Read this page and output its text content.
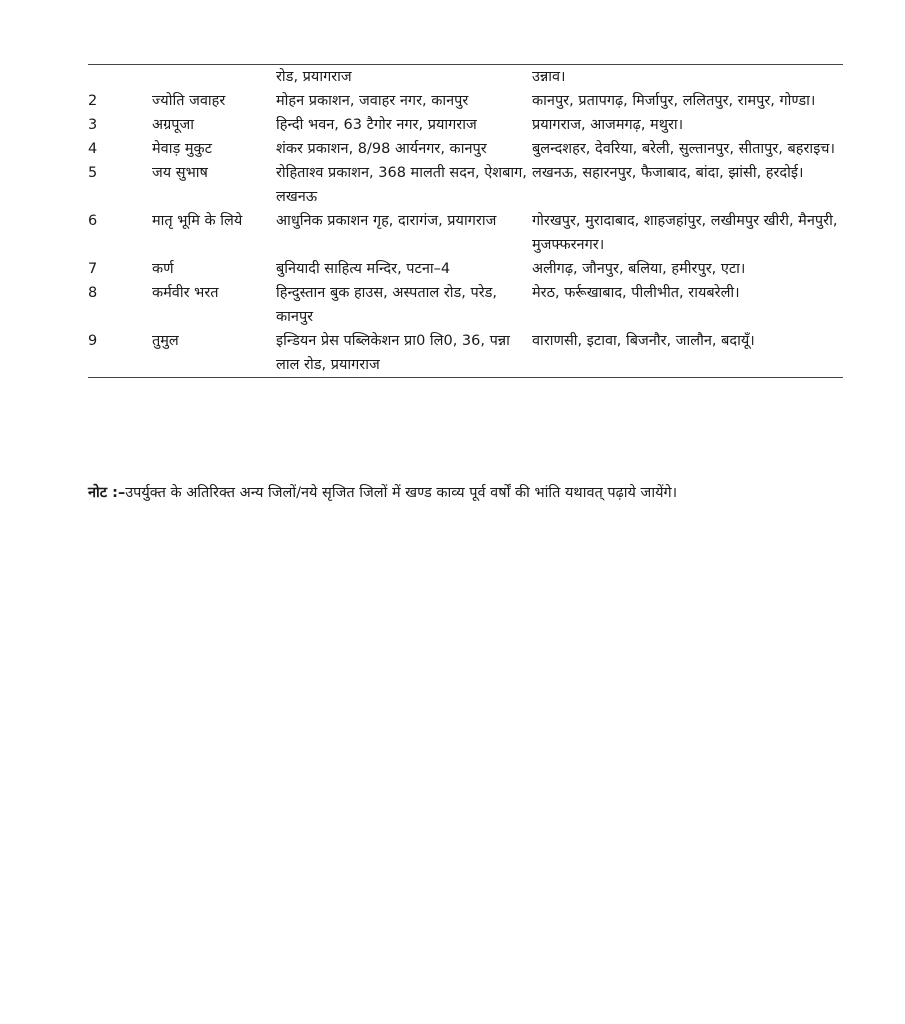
		रोड, प्रयागराज	उन्नाव।
2	ज्योति जवाहर	मोहन प्रकाशन, जवाहर नगर, कानपुर	कानपुर, प्रतापगढ़, मिर्जापुर, ललितपुर, रामपुर, गोण्डा।
3	अग्रपूजा	हिन्दी भवन, 63 टैगोर नगर, प्रयागराज	प्रयागराज, आजमगढ़, मथुरा।
4	मेवाड़ मुकुट	शंकर प्रकाशन, 8/98 आर्यनगर, कानपुर	बुलन्दशहर, देवरिया, बरेली, सुल्तानपुर, सीतापुर, बहराइच।
5	जय सुभाष	रोहिताश्व प्रकाशन, 368 मालती सदन, ऐशबाग, लखनऊ	लखनऊ, सहारनपुर, फैजाबाद, बांदा, झांसी, हरदोई।
6	मातृ भूमि के लिये	आधुनिक प्रकाशन गृह, दारागंज, प्रयागराज	गोरखपुर, मुरादाबाद, शाहजहांपुर, लखीमपुर खीरी, मैनपुरी, मुजफ्फरनगर।
7	कर्ण	बुनियादी साहित्य मन्दिर, पटना–4	अलीगढ़, जौनपुर, बलिया, हमीरपुर, एटा।
8	कर्मवीर भरत	हिन्दुस्तान बुक हाउस, अस्पताल रोड, परेड, कानपुर	मेरठ, फर्रूखाबाद, पीलीभीत, रायबरेली।
9	तुमुल	इन्डियन प्रेस पब्लिकेशन प्रा0 लि0, 36, पन्ना लाल रोड, प्रयागराज	वाराणसी, इटावा, बिजनौर, जालौन, बदायूँ।
नोट :–उपर्युक्त के अतिरिक्त अन्य जिलों/नये सृजित जिलों में खण्ड काव्य पूर्व वर्षों की भांति यथावत् पढ़ाये जायेंगे।
